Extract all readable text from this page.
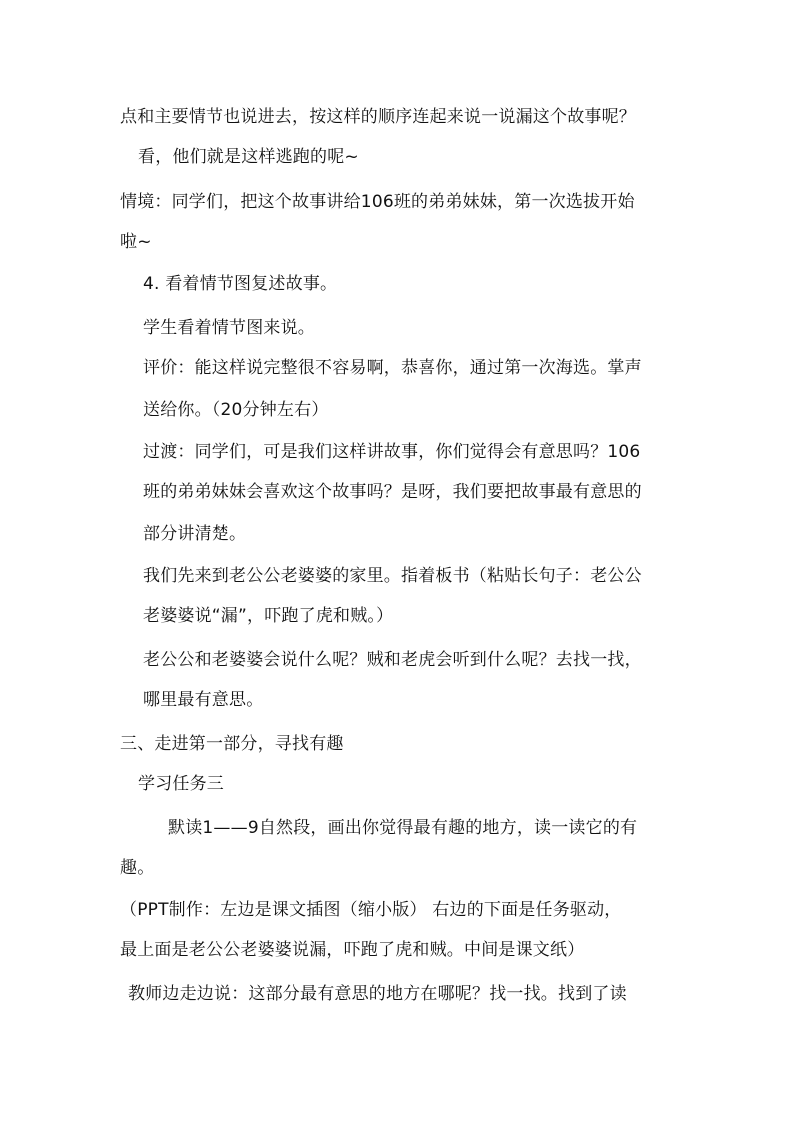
点和主要情节也说进去，按这样的顺序连起来说一说漏这个故事呢？
看，他们就是这样逃跑的呢~
情境：同学们，把这个故事讲给106班的弟弟妹妹，第一次选拔开始
啦~
4. 看着情节图复述故事。
学生看着情节图来说。
评价：能这样说完整很不容易啊，恭喜你，通过第一次海选。掌声
送给你。（20分钟左右）
过渡：同学们，可是我们这样讲故事，你们觉得会有意思吗？106
班的弟弟妹妹会喜欢这个故事吗？是呀，我们要把故事最有意思的
部分讲清楚。
我们先来到老公公老婆婆的家里。指着板书（粘贴长句子：老公公
老婆婆说“漏”，吓跑了虎和贼。）
老公公和老婆婆会说什么呢？贼和老虎会听到什么呢？去找一找，
哪里最有意思。
三、走进第一部分，寻找有趣
学习任务三
默读1——9自然段，画出你觉得最有趣的地方，读一读它的有
趣。
（PPT制作：左边是课文插图（缩小版） 右边的下面是任务驱动，
最上面是老公公老婆婆说漏，吓跑了虎和贼。中间是课文纸）
教师边走边说：这部分最有意思的地方在哪呢？找一找。找到了读
